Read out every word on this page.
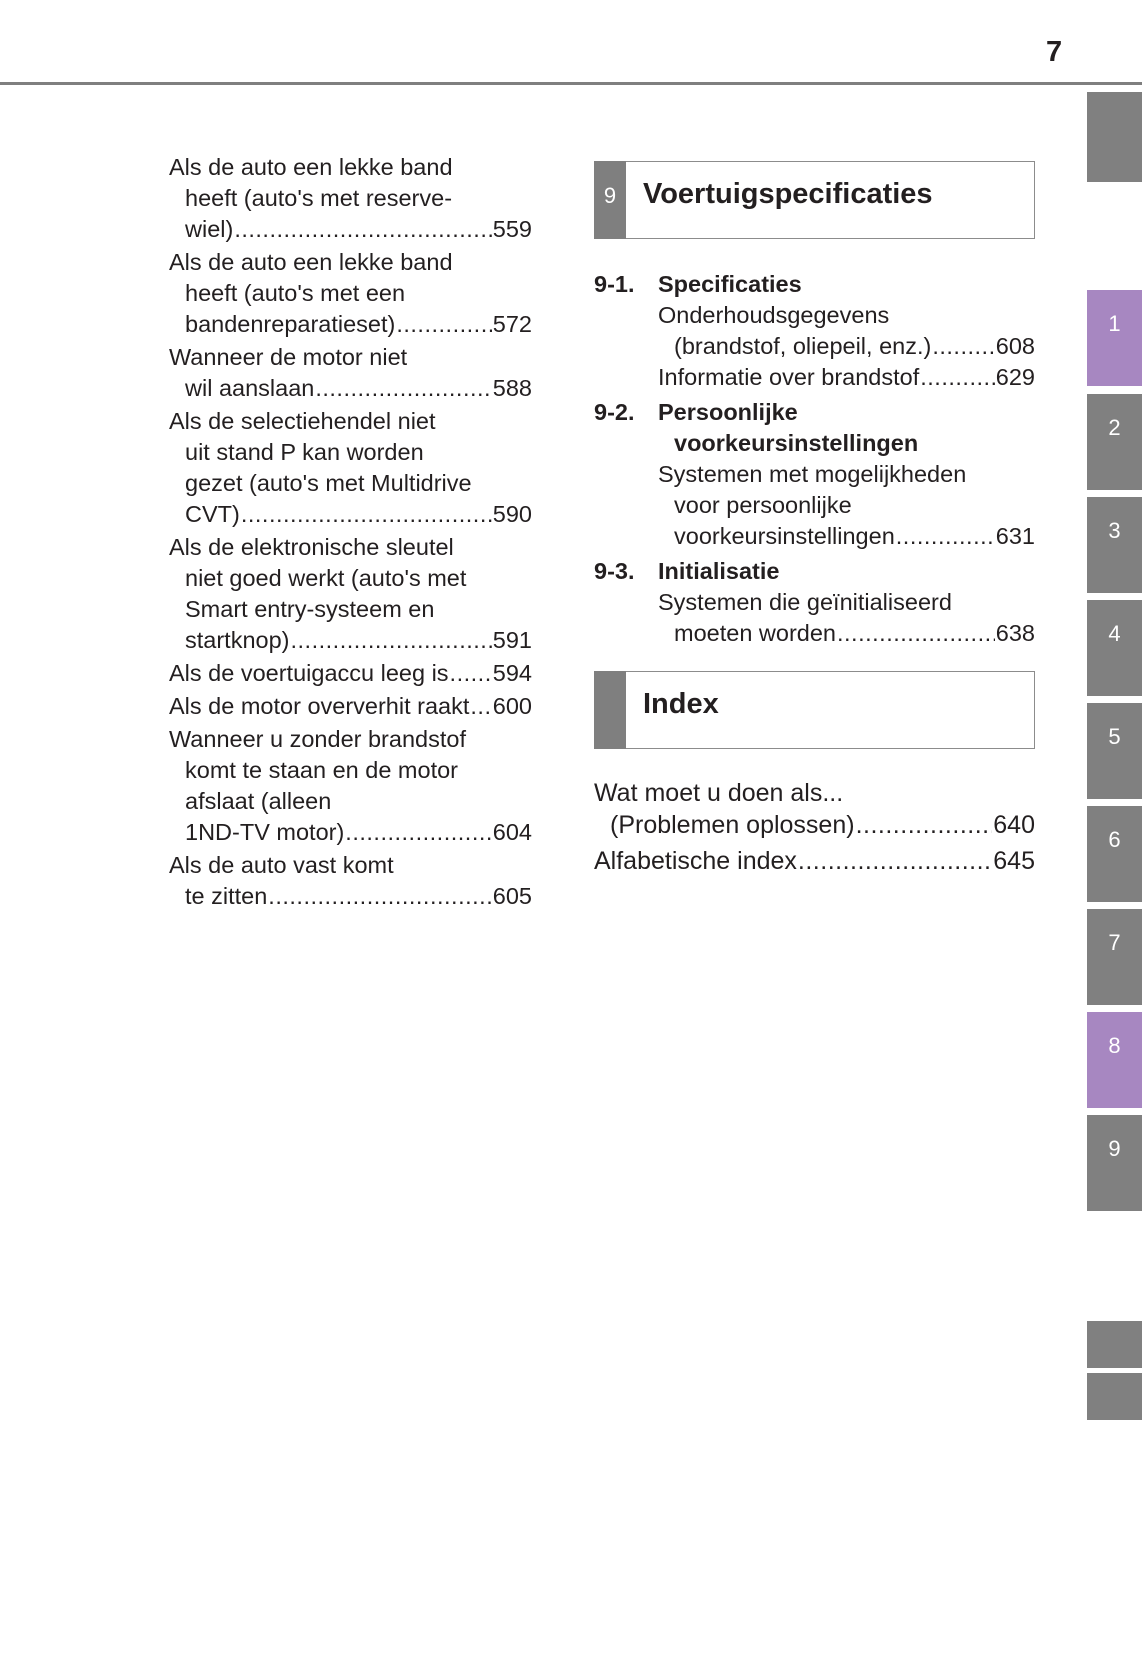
7
Als de auto een lekke band
heeft (auto's met reserve-
wiel) .....	559
Als de auto een lekke band
heeft (auto's met een
bandenreparatieset) .....	572
Wanneer de motor niet
wil aanslaan .....	588
Als de selectiehendel niet
uit stand P kan worden
gezet (auto's met Multidrive
CVT) .....	590
Als de elektronische sleutel
niet goed werkt (auto's met
Smart entry-systeem en
startknop) .....	591
Als de voertuigaccu leeg is ..... 594
Als de motor oververhit raakt ..... 600
Wanneer u zonder brandstof
komt te staan en de motor
afslaat (alleen
1ND-TV motor) .....	604
Als de auto vast komt
te zitten .....	605
9 Voertuigspecificaties
9-1.	Specificaties
Onderhoudsgegevens
(brandstof, oliepeil, enz.) .....	608
Informatie over brandstof .....	629
9-2.	Persoonlijke
voorkeursinstellingen
Systemen met mogelijkheden
voor persoonlijke
voorkeursinstellingen .....	631
9-3.	Initialisatie
Systemen die geïnitialiseerd
moeten worden .....	638
Index
Wat moet u doen als...
(Problemen oplossen) .....	640
Alfabetische index .....	645
1
2
3
4
5
6
7
8
9
